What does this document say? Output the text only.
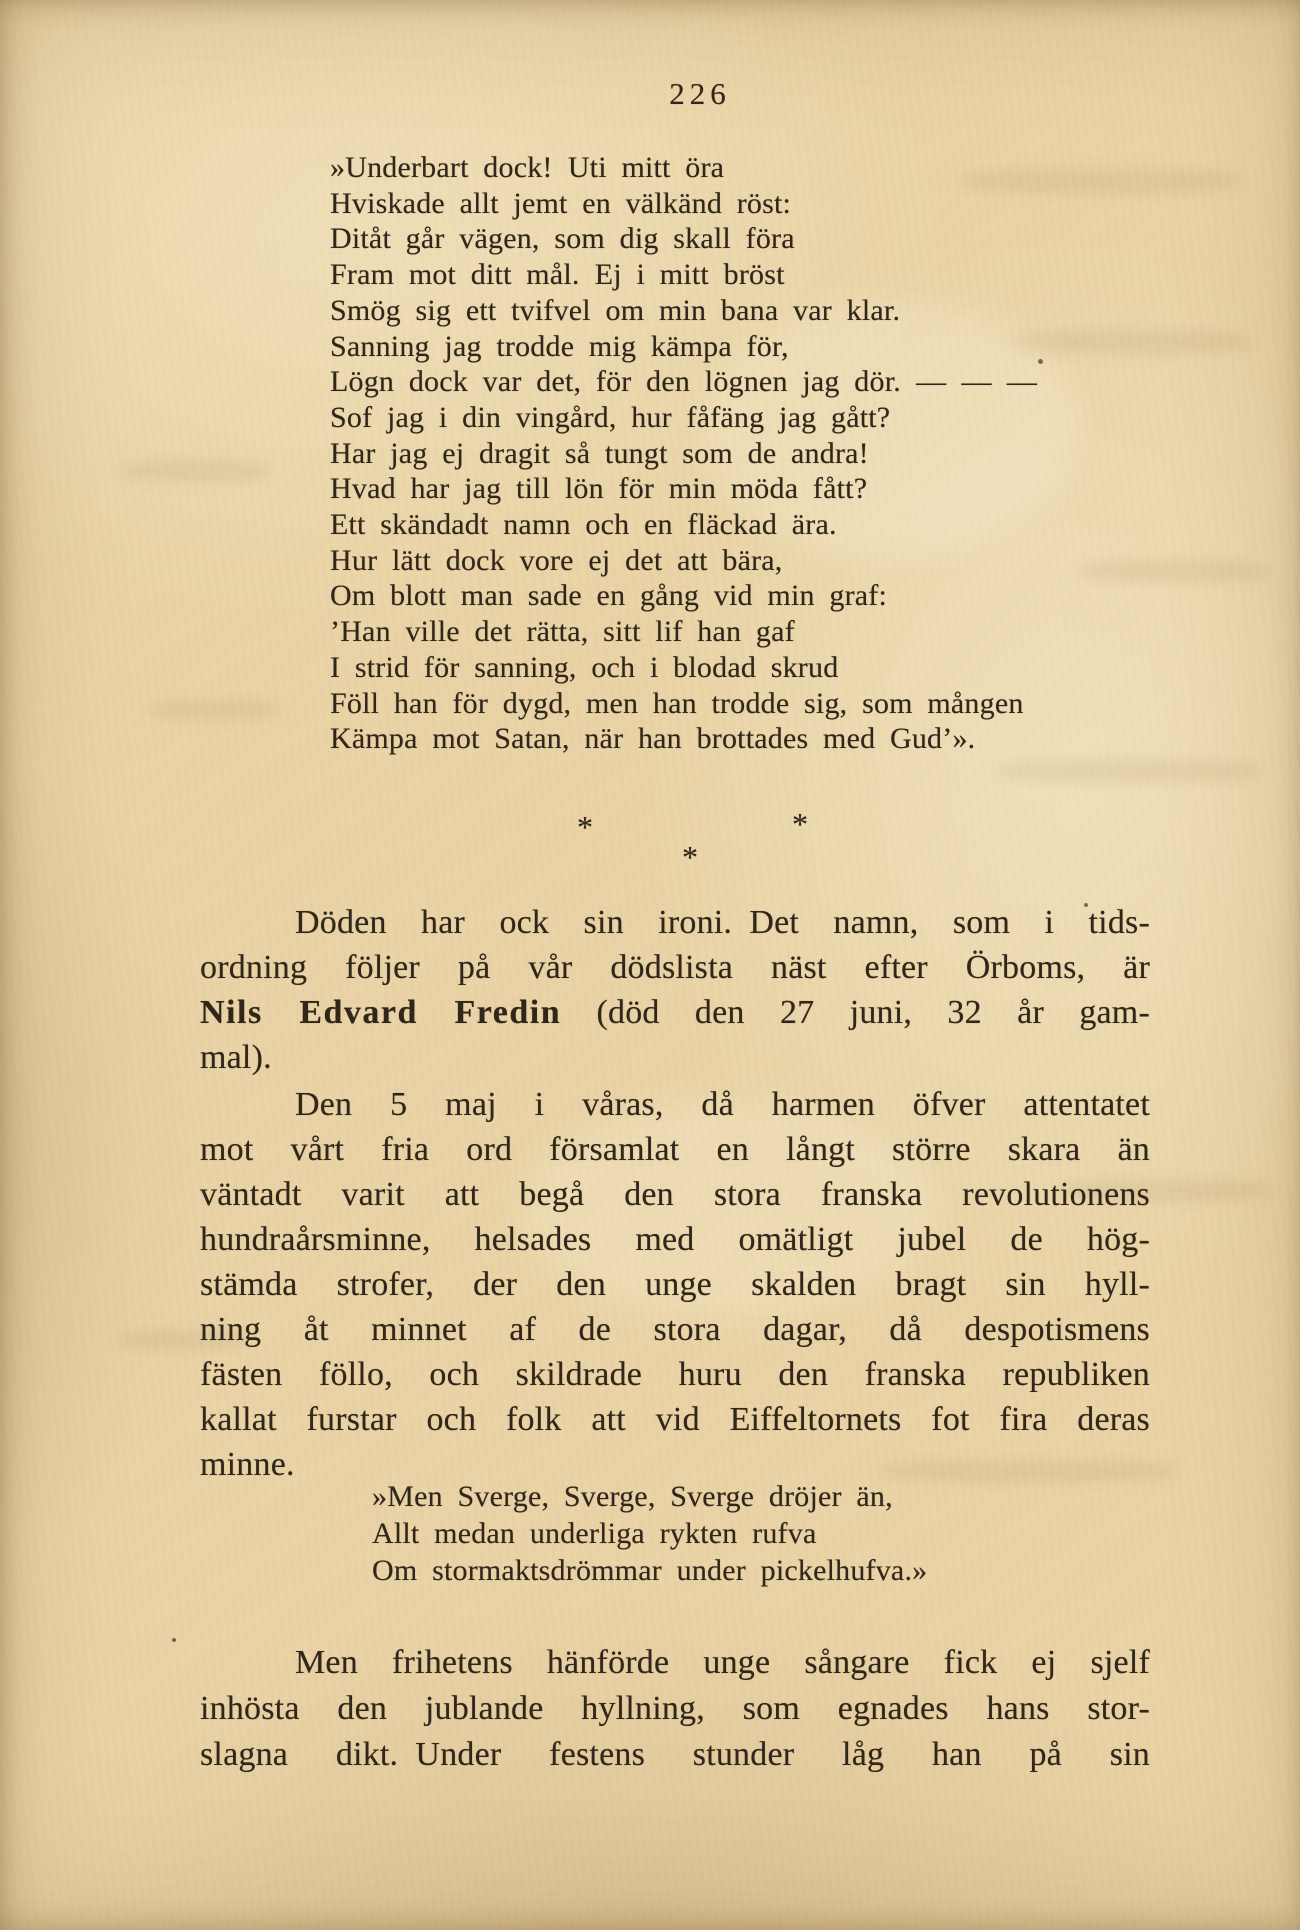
226
»Underbart dock! Uti mitt öra
Hviskade allt jemt en välkänd röst:
Ditåt går vägen, som dig skall föra
Fram mot ditt mål. Ej i mitt bröst
Smög sig ett tvifvel om min bana var klar.
Sanning jag trodde mig kämpa för,
Lögn dock var det, för den lögnen jag dör. — — —
Sof jag i din vingård, hur fåfäng jag gått?
Har jag ej dragit så tungt som de andra!
Hvad har jag till lön för min möda fått?
Ett skändadt namn och en fläckad ära.
Hur lätt dock vore ej det att bära,
Om blott man sade en gång vid min graf:
’Han ville det rätta, sitt lif han gaf
I strid för sanning, och i blodad skrud
Föll han för dygd, men han trodde sig, som mången
Kämpa mot Satan, när han brottades med Gud’».
*	*
*
Döden har ock sin ironi. Det namn, som i tids-
ordning följer på vår dödslista näst efter Örboms, är
Nils Edvard Fredin (död den 27 juni, 32 år gam-
mal).
Den 5 maj i våras, då harmen öfver attentatet
mot vårt fria ord församlat en långt större skara än
väntadt varit att begå den stora franska revolutionens
hundraårsminne, helsades med omätligt jubel de hög-
stämda strofer, der den unge skalden bragt sin hyll-
ning åt minnet af de stora dagar, då despotismens
fästen föllo, och skildrade huru den franska republiken
kallat furstar och folk att vid Eiffeltornets fot fira deras
minne.
»Men Sverge, Sverge, Sverge dröjer än,
Allt medan underliga rykten rufva
Om stormaktsdrömmar under pickelhufva.»
Men frihetens hänförde unge sångare fick ej sjelf
inhösta den jublande hyllning, som egnades hans stor-
slagna dikt. Under festens stunder låg han på sin
